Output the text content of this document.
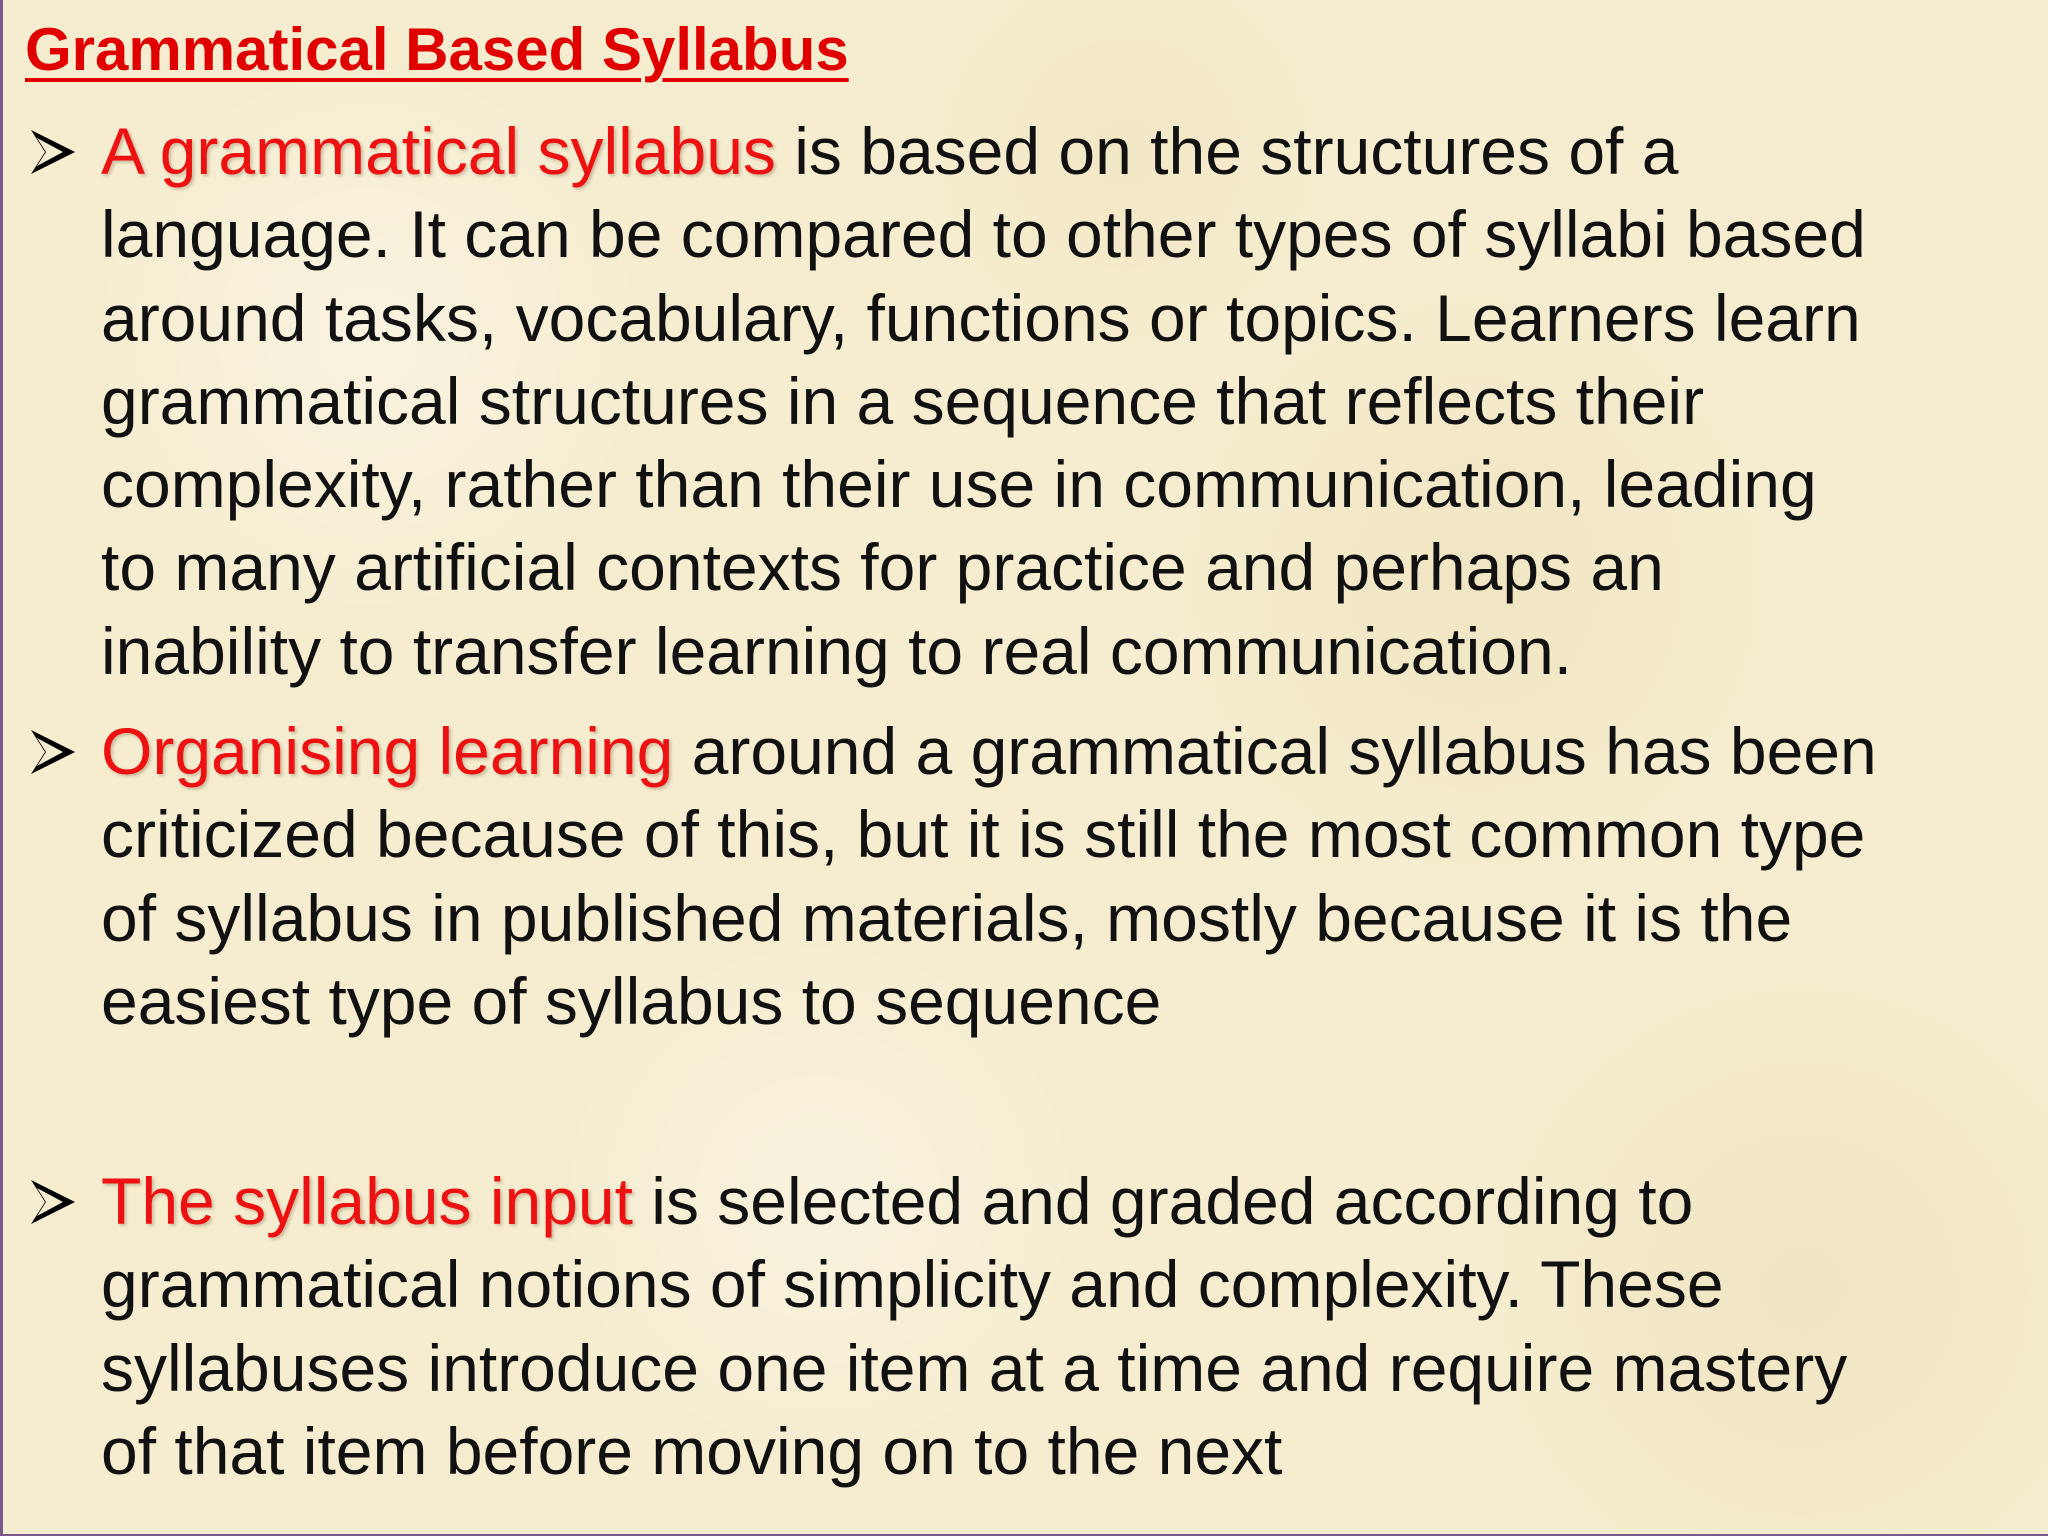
Grammatical Based Syllabus
A grammatical syllabus is based on the structures of a
language. It can be compared to other types of syllabi based
around tasks, vocabulary, functions or topics. Learners learn
grammatical structures in a sequence that reflects their
complexity, rather than their use in communication, leading
to many artificial contexts for practice and perhaps an
inability to transfer learning to real communication.
Organising learning around a grammatical syllabus has been
criticized because of this, but it is still the most common type
of syllabus in published materials, mostly because it is the
easiest type of syllabus to sequence
The syllabus input is selected and graded according to
grammatical notions of simplicity and complexity. These
syllabuses introduce one item at a time and require mastery
of that item before moving on to the next
